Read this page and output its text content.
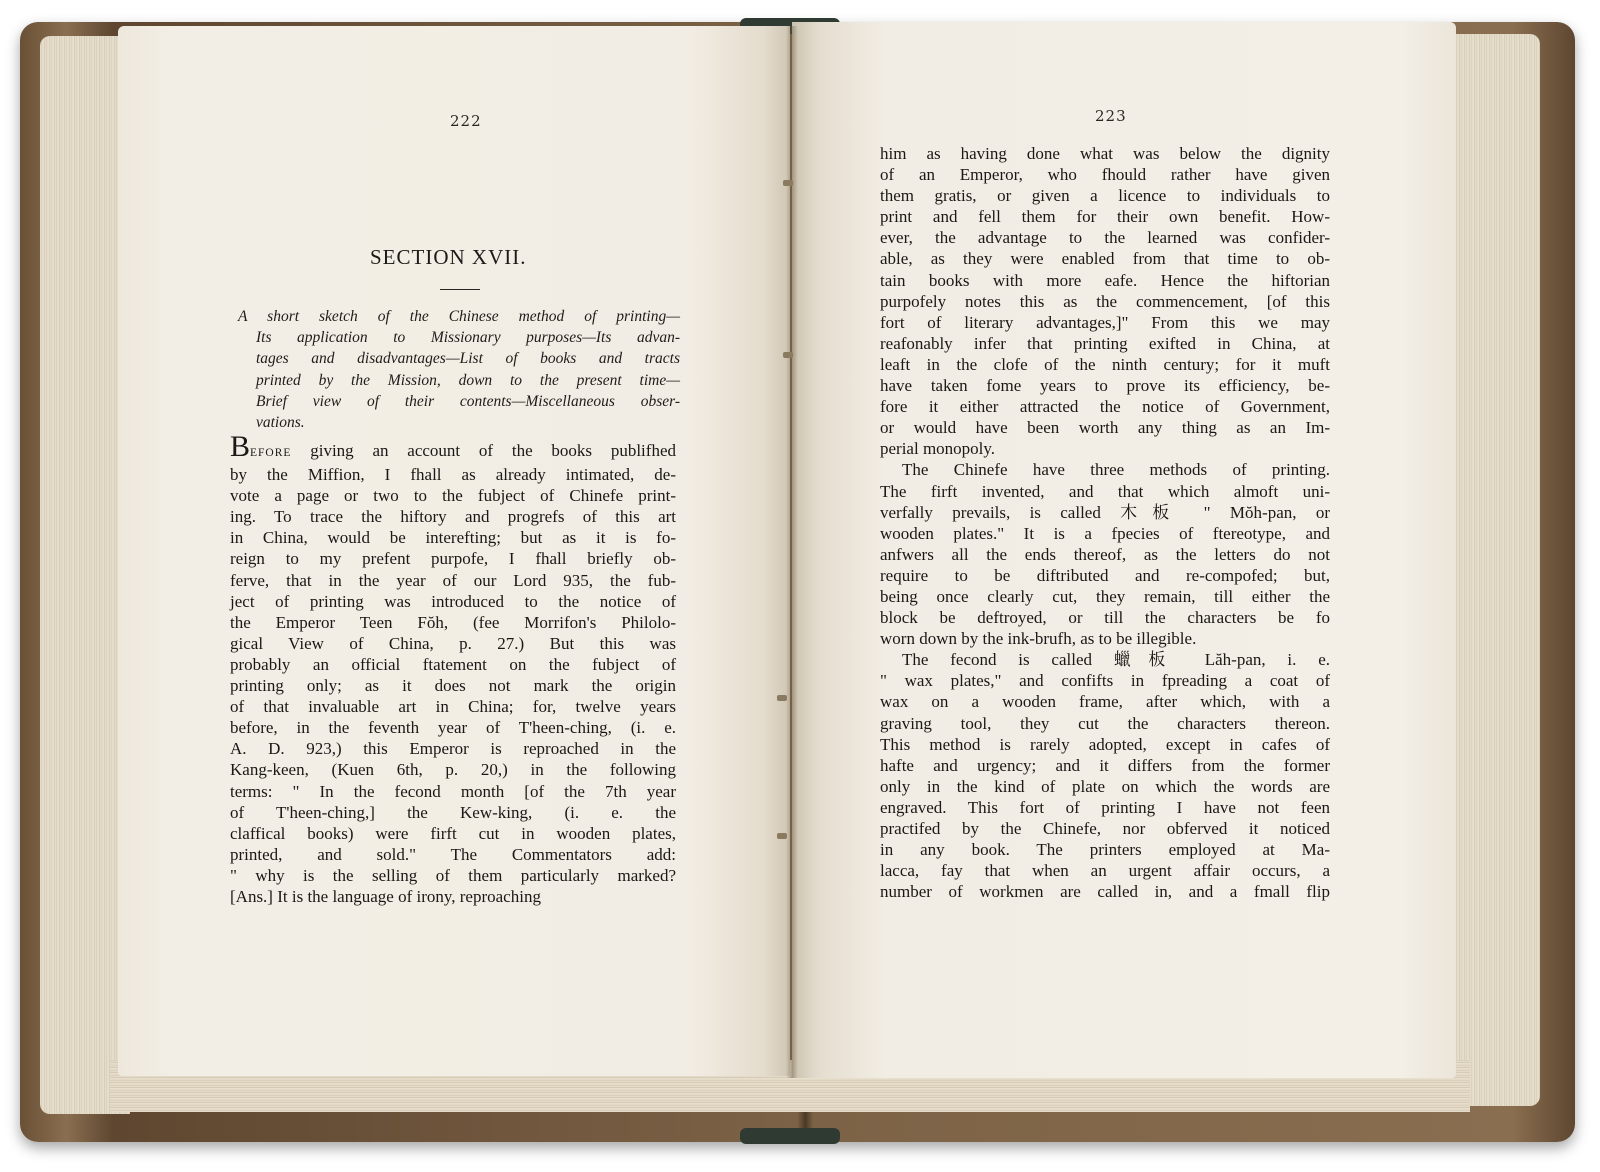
222
SECTION XVII.
A short sketch of the Chinese method of printing—
Its application to Missionary purposes—Its advan-
tages and disadvantages—List of books and tracts
printed by the Mission, down to the present time—
Brief view of their contents—Miscellaneous obser-
vations.
BEFORE giving an account of the books publifhed
by the Miffion, I fhall as already intimated, de-
vote a page or two to the fubject of Chinefe print-
ing. To trace the hiftory and progrefs of this art
in China, would be interefting; but as it is fo-
reign to my prefent purpofe, I fhall briefly ob-
ferve, that in the year of our Lord 935, the fub-
ject of printing was introduced to the notice of
the Emperor Teen Fŏh, (fee Morrifon's Philolo-
gical View of China, p. 27.) But this was
probably an official ftatement on the fubject of
printing only; as it does not mark the origin
of that invaluable art in China; for, twelve years
before, in the feventh year of T'heen-ching, (i. e.
A. D. 923,) this Emperor is reproached in the
Kang-keen, (Kuen 6th, p. 20,) in the following
terms: " In the fecond month [of the 7th year
of T'heen-ching,] the Kew-king, (i. e. the
claffical books) were firft cut in wooden plates,
printed, and sold." The Commentators add:
" why is the selling of them particularly marked?
[Ans.] It is the language of irony, reproaching
223
him as having done what was below the dignity
of an Emperor, who fhould rather have given
them gratis, or given a licence to individuals to
print and fell them for their own benefit. How-
ever, the advantage to the learned was confider-
able, as they were enabled from that time to ob-
tain books with more eafe. Hence the hiftorian
purpofely notes this as the commencement, [of this
fort of literary advantages,]" From this we may
reafonably infer that printing exifted in China, at
leaft in the clofe of the ninth century; for it muft
have taken fome years to prove its efficiency, be-
fore it either attracted the notice of Government,
or would have been worth any thing as an Im-
perial monopoly.
The Chinefe have three methods of printing.
The firft invented, and that which almoft uni-
verfally prevails, is called 木板 " Mŏh-pan, or
wooden plates." It is a fpecies of ftereotype, and
anfwers all the ends thereof, as the letters do not
require to be diftributed and re-compofed; but,
being once clearly cut, they remain, till either the
block be deftroyed, or till the characters be fo
worn down by the ink-brufh, as to be illegible.
The fecond is called 蠟板 Lăh-pan, i. e.
" wax plates," and confifts in fpreading a coat of
wax on a wooden frame, after which, with a
graving tool, they cut the characters thereon.
This method is rarely adopted, except in cafes of
hafte and urgency; and it differs from the former
only in the kind of plate on which the words are
engraved. This fort of printing I have not feen
practifed by the Chinefe, nor obferved it noticed
in any book. The printers employed at Ma-
lacca, fay that when an urgent affair occurs, a
number of workmen are called in, and a fmall flip
